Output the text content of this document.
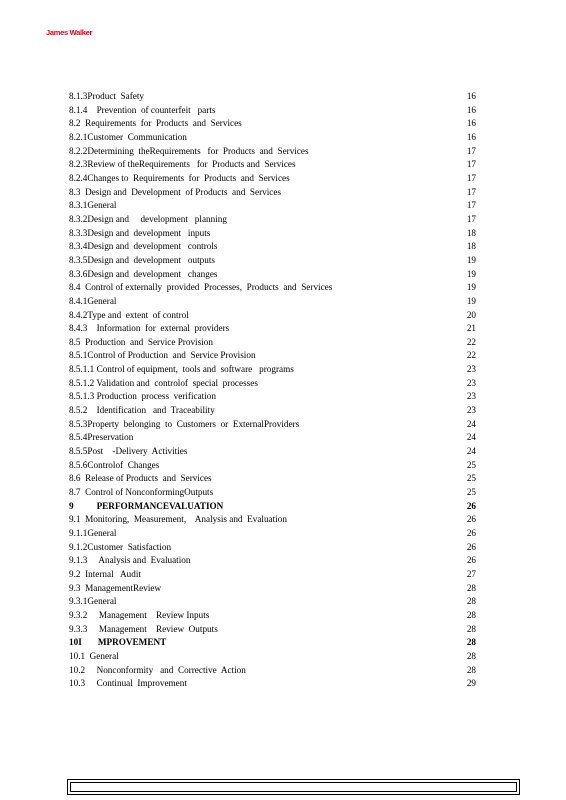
James Walker
8.1.3Product  Safety	16
8.1.4    Prevention  of counterfeit   parts	16
8.2  Requirements  for  Products  and  Services	16
8.2.1Customer  Communication	16
8.2.2Determining  theRequirements   for  Products  and  Services	17
8.2.3Review of theRequirements   for  Products and  Services	17
8.2.4Changes to  Requirements  for  Products  and  Services	17
8.3  Design and  Development  of Products  and  Services	17
8.3.1General	17
8.3.2Design and     development   planning	17
8.3.3Design and  development   inputs	18
8.3.4Design and  development   controls	18
8.3.5Design and  development   outputs	19
8.3.6Design and  development   changes	19
8.4  Control of externally  provided  Processes,  Products  and  Services	19
8.4.1General	19
8.4.2Type and  extent  of control	20
8.4.3    Information  for  external  providers	21
8.5  Production  and  Service Provision	22
8.5.1Control of Production  and  Service Provision	22
8.5.1.1 Control of equipment,  tools and  software   programs	23
8.5.1.2 Validation and  controlof  special  processes	23
8.5.1.3 Production  process  verification	23
8.5.2    Identification   and  Traceability	23
8.5.3Property  belonging  to  Customers  or  ExternalProviders	24
8.5.4Preservation	24
8.5.5Post    -Delivery  Activities	24
8.5.6Controlof  Changes	25
8.6  Release of Products  and  Services	25
8.7  Control of NonconformingOutputs	25
9          PERFORMANCEVALUATION	26
9.1  Monitoring,  Measurement,    Analysis and  Evaluation	26
9.1.1General	26
9.1.2Customer  Satisfaction	26
9.1.3     Analysis and  Evaluation	26
9.2  Internal   Audit	27
9.3  ManagementReview	28
9.3.1General	28
9.3.2     Management    Review Inputs	28
9.3.3     Management    Review  Outputs	28
10I       MPROVEMENT	28
10.1  General	28
10.2     Nonconformity   and  Corrective  Action	28
10.3     Continual  Improvement	29
